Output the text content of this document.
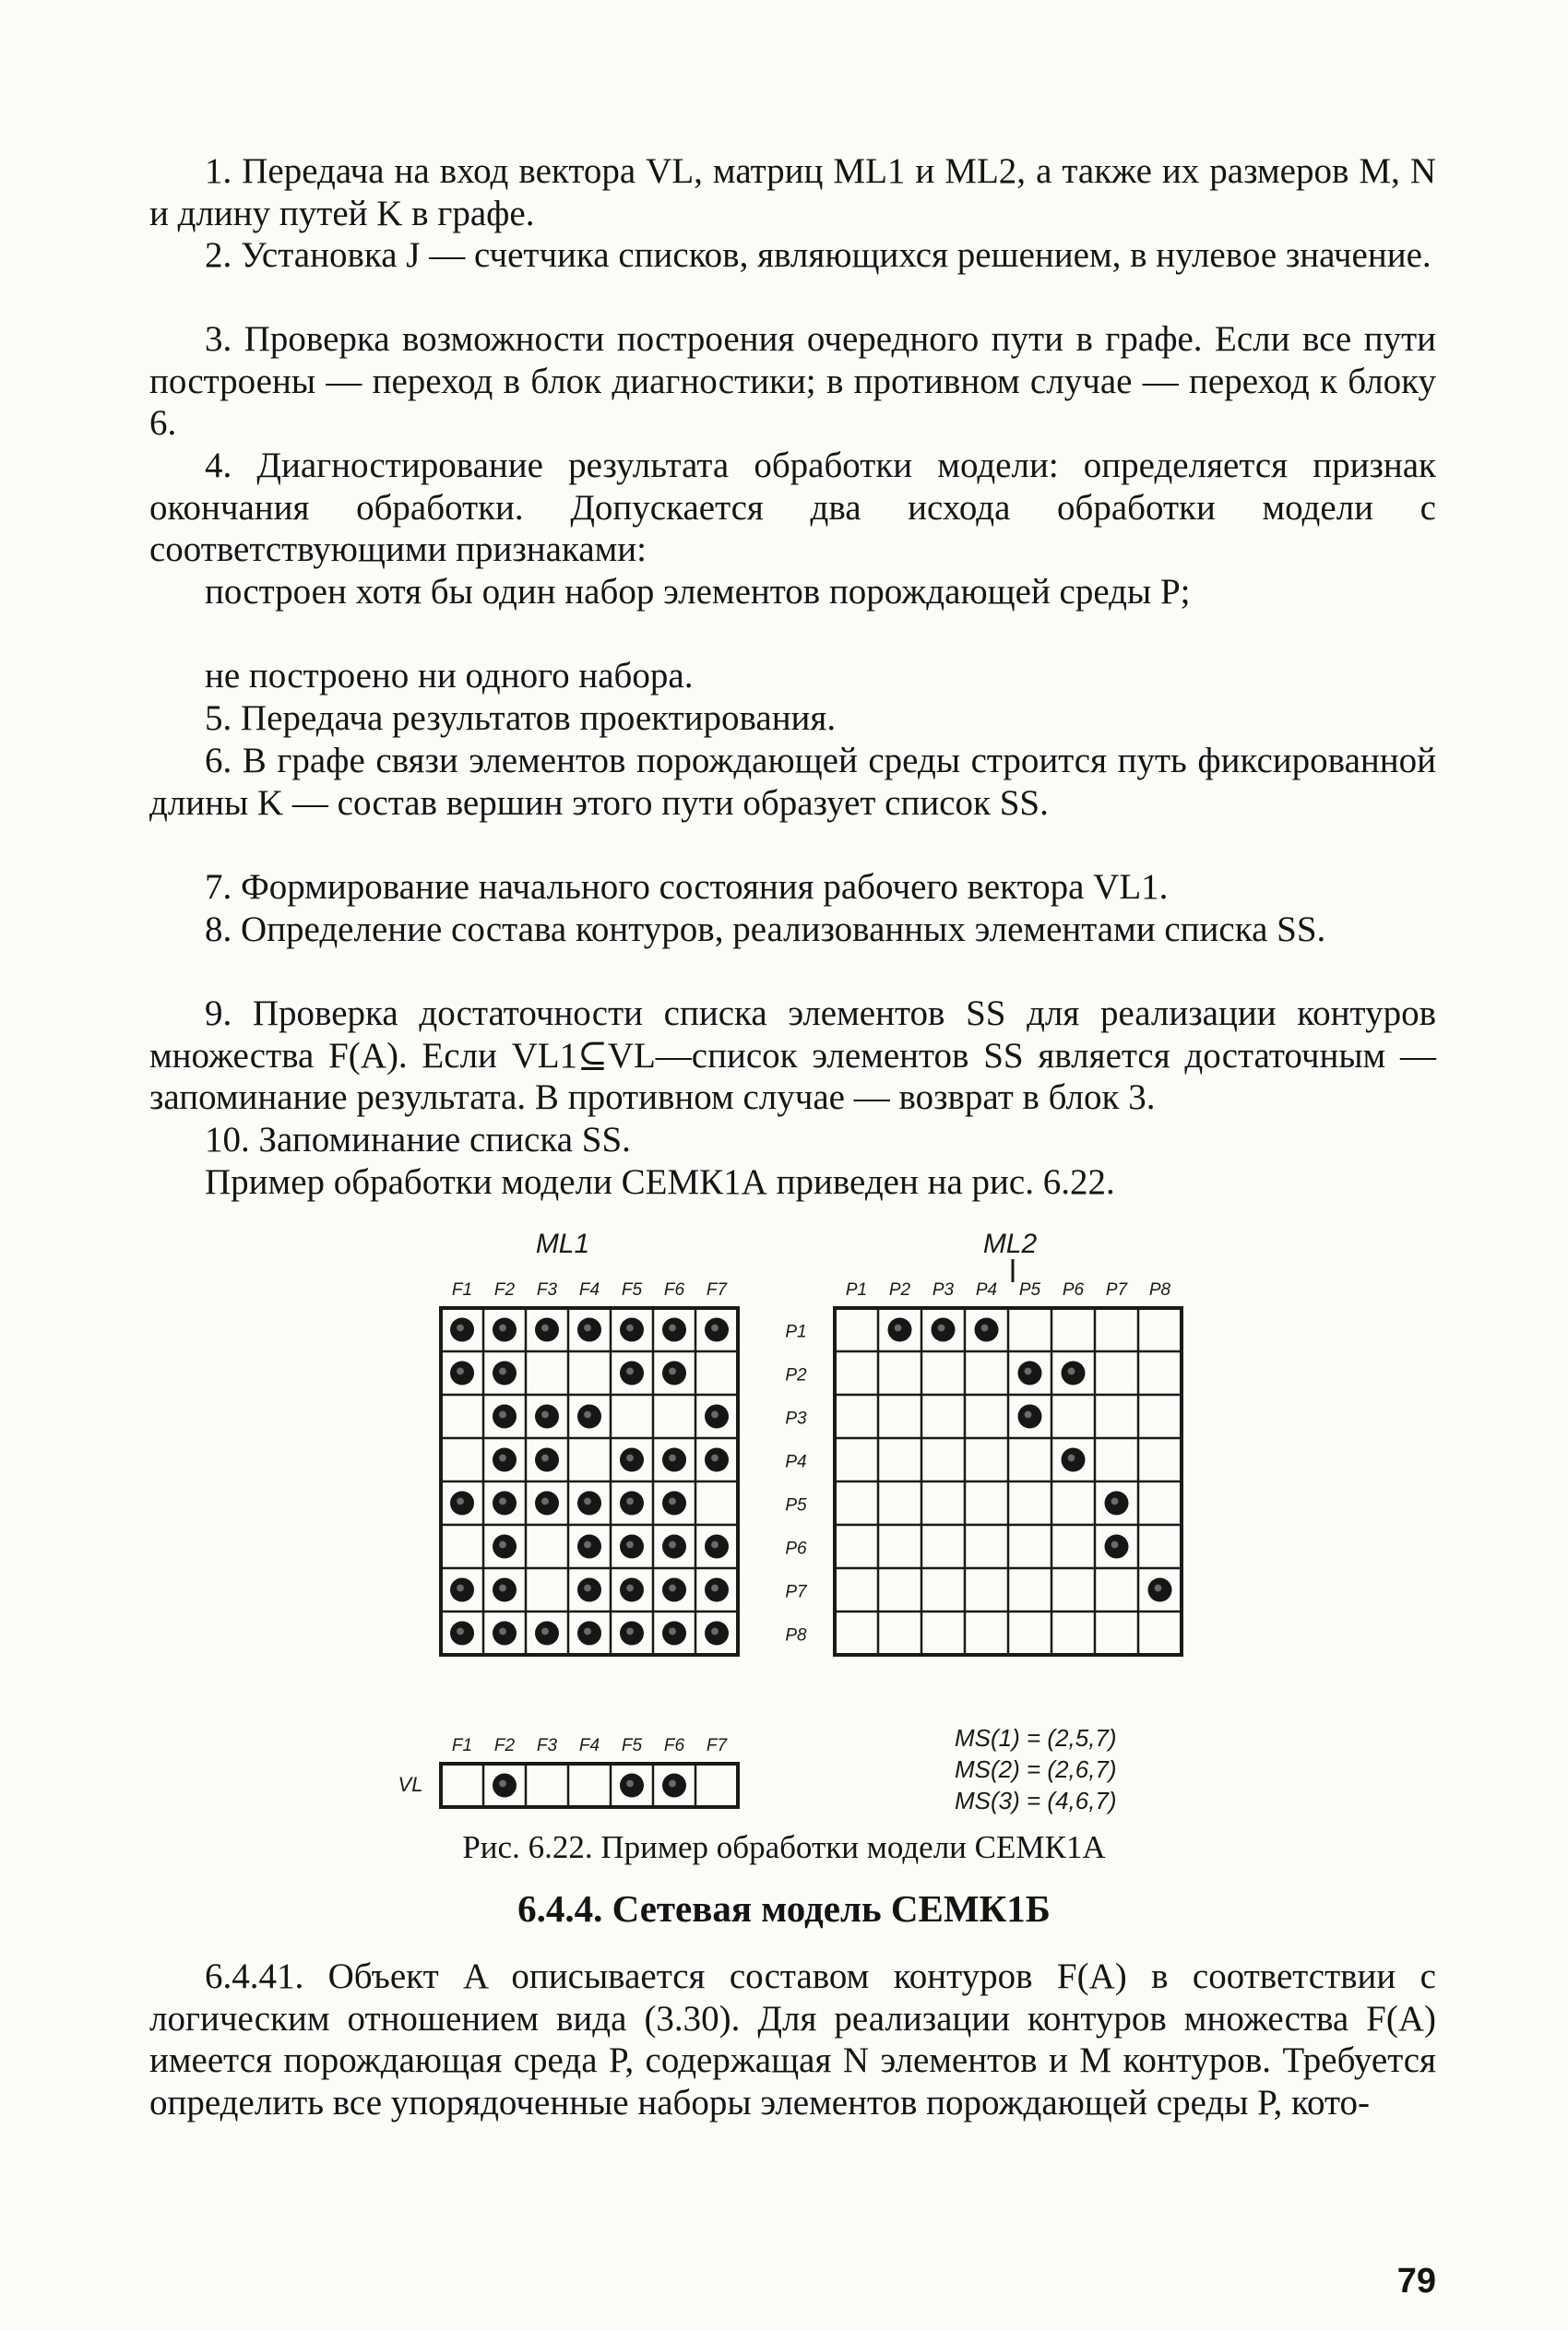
1. Передача на вход вектора VL, матриц ML1 и ML2, а также их размеров M, N и длину путей K в графе.

2. Установка J — счетчика списков, являющихся решением, в нулевое значение.

3. Проверка возможности построения очередного пути в графе. Если все пути построены — переход в блок диагностики; в противном случае — переход к блоку 6.

4. Диагностирование результата обработки модели: определяется признак окончания обработки. Допускается два исхода обработки модели с соответствующими признаками:

построен хотя бы один набор элементов порождающей среды P;

не построено ни одного набора.

5. Передача результатов проектирования.

6. В графе связи элементов порождающей среды строится путь фиксированной длины K — состав вершин этого пути образует список SS.

7. Формирование начального состояния рабочего вектора VL1.

8. Определение состава контуров, реализованных элементами списка SS.

9. Проверка достаточности списка элементов SS для реализации контуров множества F(A). Если VL1⊆VL—список элементов SS является достаточным — запоминание результата. В противном случае — возврат в блок 3.

10. Запоминание списка SS.

Пример обработки модели СЕМК1А приведен на рис. 6.22.

ML1	ML2
F1 F2 F3 F4 F5 F6 F7	P1 P2 P3 P4 P5 P6 P7 P8
P1
P2
P3
P4
P5
P6
P7
P8
F1 F2 F3 F4 F5 F6 F7
VL
MS(1) = (2,5,7)
MS(2) = (2,6,7)
MS(3) = (4,6,7)

Рис. 6.22. Пример обработки модели СЕМК1А

6.4.4. Сетевая модель СЕМК1Б

6.4.41. Объект A описывается составом контуров F(A) в соответствии с логическим отношением вида (3.30). Для реализации контуров множества F(A) имеется порождающая среда P, содержащая N элементов и M контуров. Требуется определить все упорядоченные наборы элементов порождающей среды P, кото-

79
